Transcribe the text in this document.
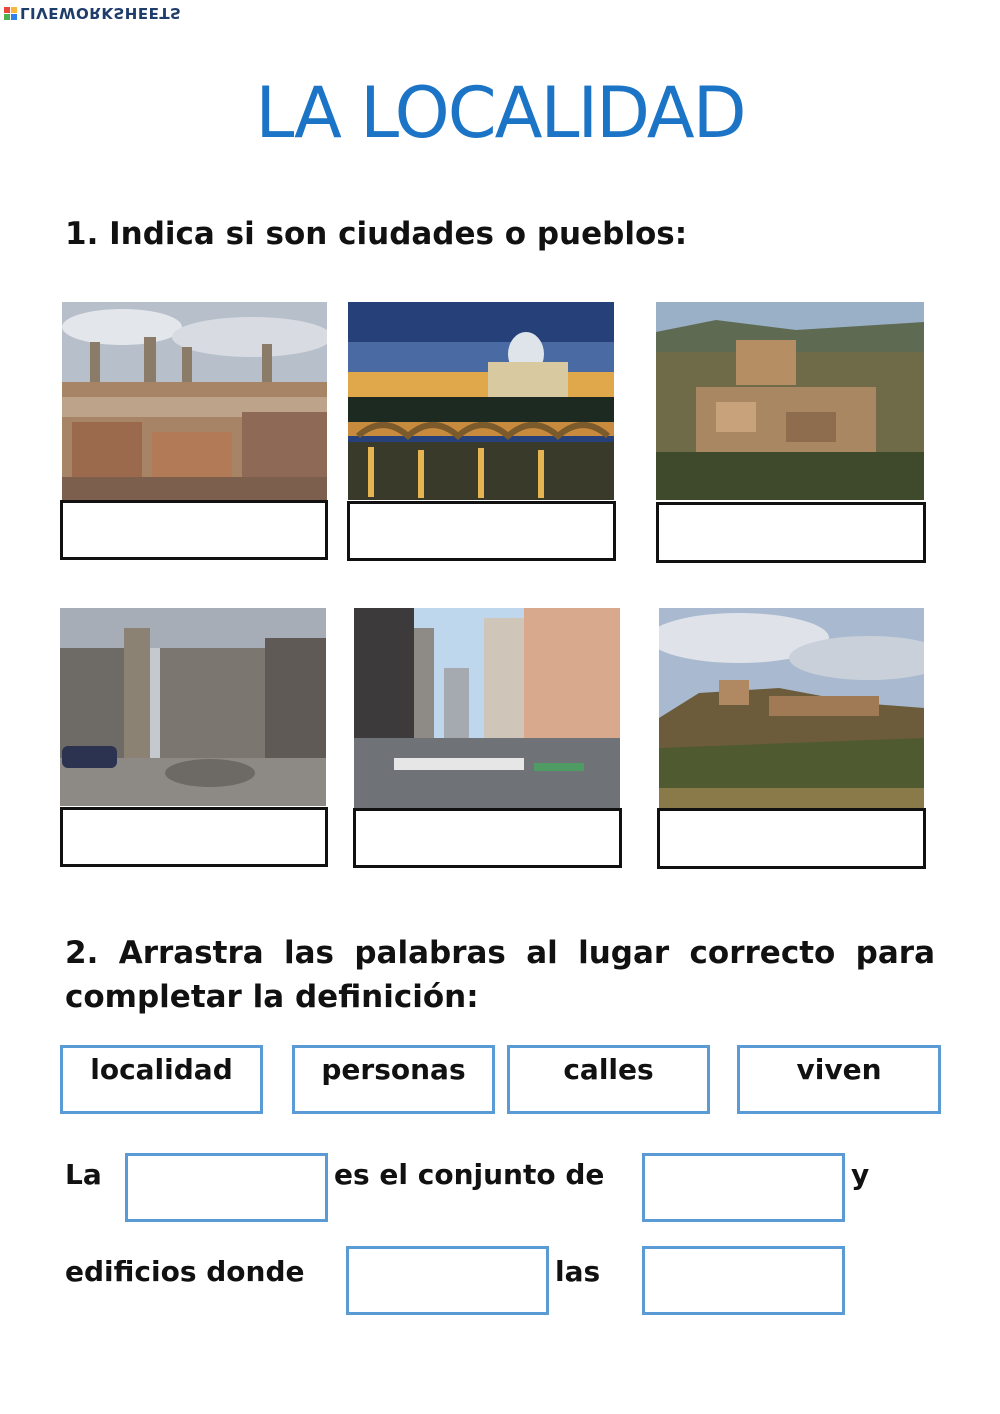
LIVEWORKSHEETS
LA LOCALIDAD
1. Indica si son ciudades o pueblos:
2. Arrastra las palabras al lugar correcto para completar la definición:
localidad	personas	calles	viven
La	es el conjunto de	y
edificios donde	las
